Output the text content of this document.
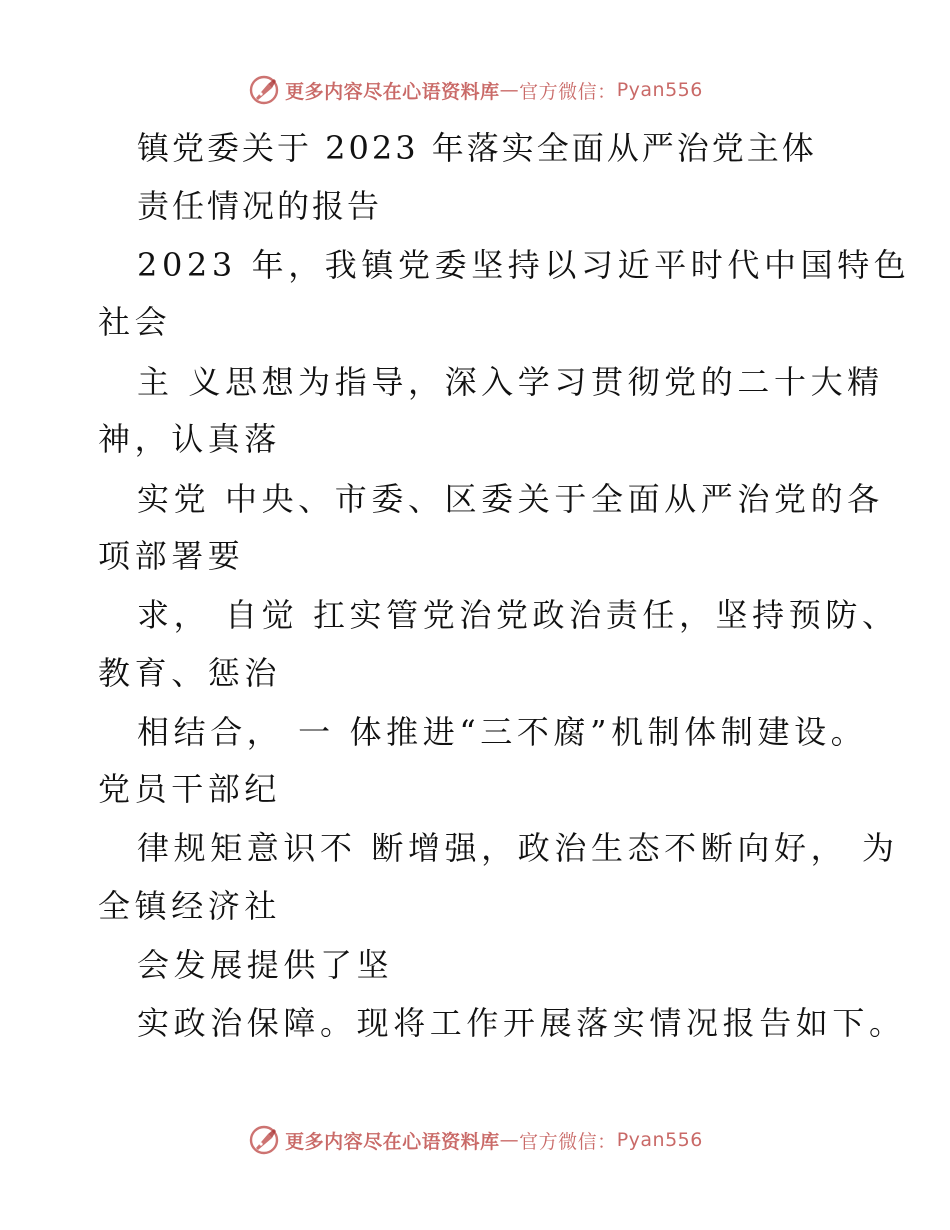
更多内容尽在心语资料库 — 官方微信： Pyan556
镇党委关于 2023 年落实全面从严治党主体
责任情况的报告
2023 年，我镇党委坚持以习近平时代中国特色
社会
主 义思想为指导，深入学习贯彻党的二十大精
神，认真落
实党 中央、市委、区委关于全面从严治党的各
项部署要
求， 自觉 扛实管党治党政治责任，坚持预防、
教育、惩治
相结合， 一 体推进“三不腐”机制体制建设。
党员干部纪
律规矩意识不 断增强，政治生态不断向好， 为
全镇经济社
会发展提供了坚
实政治保障。现将工作开展落实情况报告如下。
更多内容尽在心语资料库 — 官方微信： Pyan556
